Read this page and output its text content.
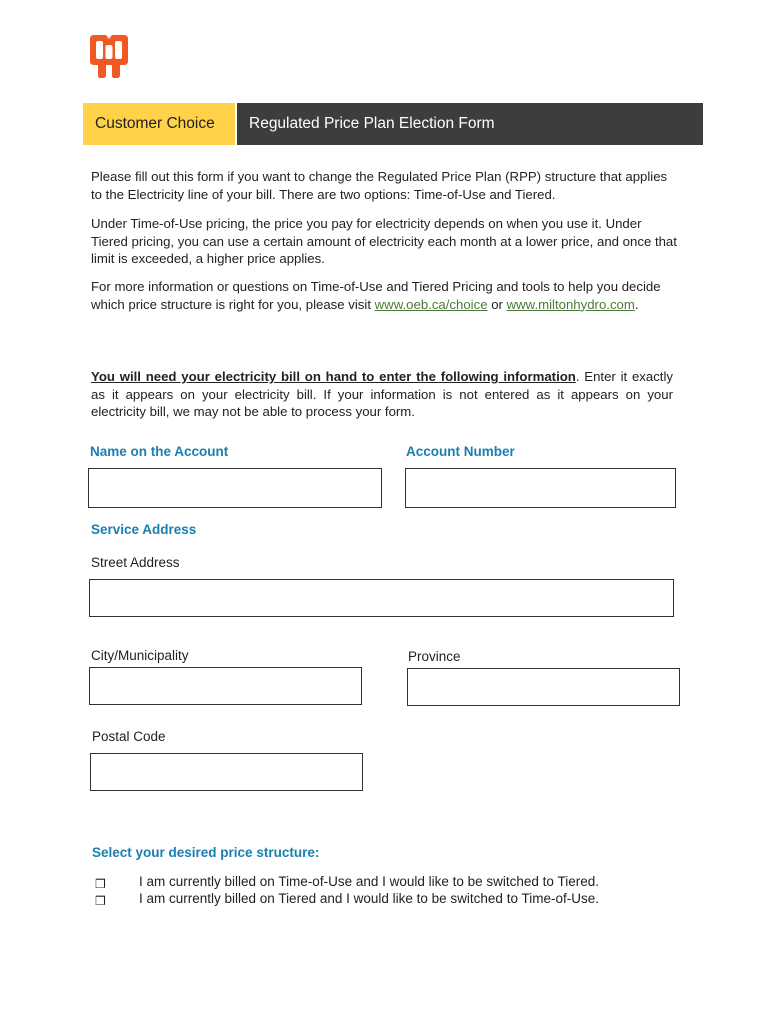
Customer Choice	Regulated Price Plan Election Form
Please fill out this form if you want to change the Regulated Price Plan (RPP) structure that applies to the Electricity line of your bill. There are two options: Time-of-Use and Tiered.
Under Time-of-Use pricing, the price you pay for electricity depends on when you use it. Under Tiered pricing, you can use a certain amount of electricity each month at a lower price, and once that limit is exceeded, a higher price applies.
For more information or questions on Time-of-Use and Tiered Pricing and tools to help you decide which price structure is right for you, please visit www.oeb.ca/choice or www.miltonhydro.com.
You will need your electricity bill on hand to enter the following information. Enter it exactly as it appears on your electricity bill. If your information is not entered as it appears on your electricity bill, we may not be able to process your form.
Name on the Account	Account Number
Service Address
Street Address
City/Municipality	Province
Postal Code
Select your desired price structure:
❒ I am currently billed on Time-of-Use and I would like to be switched to Tiered.
❒ I am currently billed on Tiered and I would like to be switched to Time-of-Use.
